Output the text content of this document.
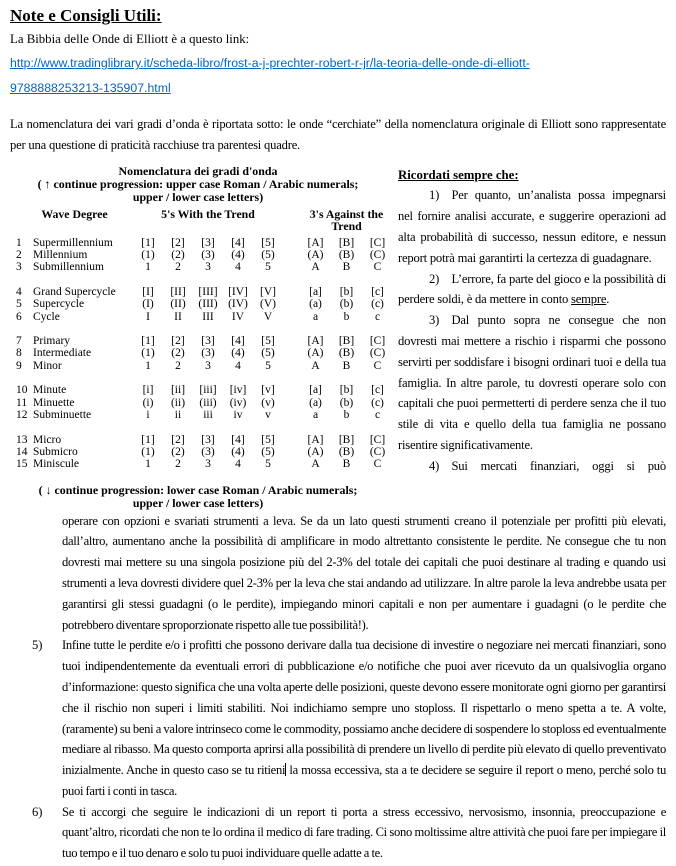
Note e Consigli Utili:

La Bibbia delle Onde di Elliott è a questo link:

http://www.tradinglibrary.it/scheda-libro/frost-a-j-prechter-robert-r-jr/la-teoria-delle-onde-di-elliott-
9788888253213-135907.html

La nomenclatura dei vari gradi d’onda è riportata sotto: le onde “cerchiate” della nomenclatura originale di Elliott sono rappresentate per una questione di praticità racchiuse tra parentesi quadre.

Nomenclatura dei gradi d'onda
( ↑ continue progression: upper case Roman / Arabic numerals;
upper / lower case letters)
Wave Degree		5's With the Trend						3's Against the Trend		
1	Supermillennium	[1]	[2]	[3]	[4]	[5]		[A]	[B]	[C]
2	Millennium	(1)	(2)	(3)	(4)	(5)		(A)	(B)	(C)
3	Submillennium	1	2	3	4	5		A	B	C
4	Grand Supercycle	[I]	[II]	[III]	[IV]	[V]		[a]	[b]	[c]
5	Supercycle	(I)	(II)	(III)	(IV)	(V)		(a)	(b)	(c)
6	Cycle	I	II	III	IV	V		a	b	c
7	Primary	[1]	[2]	[3]	[4]	[5]		[A]	[B]	[C]
8	Intermediate	(1)	(2)	(3)	(4)	(5)		(A)	(B)	(C)
9	Minor	1	2	3	4	5		A	B	C
10	Minute	[i]	[ii]	[iii]	[iv]	[v]		[a]	[b]	[c]
11	Minuette	(i)	(ii)	(iii)	(iv)	(v)		(a)	(b)	(c)
12	Subminuette	i	ii	iii	iv	v		a	b	c
13	Micro	[1]	[2]	[3]	[4]	[5]		[A]	[B]	[C]
14	Submicro	(1)	(2)	(3)	(4)	(5)		(A)	(B)	(C)
15	Miniscule	1	2	3	4	5		A	B	C
( ↓ continue progression: lower case Roman / Arabic numerals;
upper / lower case letters)

Ricordati sempre che:

1) Per quanto, un’analista possa impegnarsi nel fornire analisi accurate, e suggerire operazioni ad alta probabilità di successo, nessun editore, e nessun report potrà mai garantirti la certezza di guadagnare.

2) L’errore, fa parte del gioco e la possibilità di perdere soldi, è da mettere in conto sempre.

3) Dal punto sopra ne consegue che non dovresti mai mettere a rischio i risparmi che possono servirti per soddisfare i bisogni ordinari tuoi e della tua famiglia. In altre parole, tu dovresti operare solo con capitali che puoi permetterti di perdere senza che il tuo stile di vita e quello della tua famiglia ne possano risentire significativamente.

4) Sui mercati finanziari, oggi si può

operare con opzioni e svariati strumenti a leva. Se da un lato questi strumenti creano il potenziale per profitti più elevati, dall’altro, aumentano anche la possibilità di amplificare in modo altrettanto consistente le perdite. Ne consegue che tu non dovresti mai mettere su una singola posizione più del 2-3% del totale dei capitali che puoi destinare al trading e quando usi strumenti a leva dovresti dividere quel 2-3% per la leva che stai andando ad utilizzare. In altre parole la leva andrebbe usata per garantirsi gli stessi guadagni (o le perdite), impiegando minori capitali e non per aumentare i guadagni (o le perdite che potrebbero diventare sproporzionate rispetto alle tue possibilità!).

5) Infine tutte le perdite e/o i profitti che possono derivare dalla tua decisione di investire o negoziare nei mercati finanziari, sono tuoi indipendentemente da eventuali errori di pubblicazione e/o notifiche che puoi aver ricevuto da un qualsivoglia organo d’informazione: questo significa che una volta aperte delle posizioni, queste devono essere monitorate ogni giorno per garantirsi che il rischio non superi i limiti stabiliti. Noi indichiamo sempre uno stoploss. Il rispettarlo o meno spetta a te. A volte, (raramente) su beni a valore intrinseco come le commodity, possiamo anche decidere di sospendere lo stoploss ed eventualmente mediare al ribasso. Ma questo comporta aprirsi alla possibilità di prendere un livello di perdite più elevato di quello preventivato inizialmente. Anche in questo caso se tu ritieni la mossa eccessiva, sta a te decidere se seguire il report o meno, perché solo tu puoi farti i conti in tasca.

6) Se ti accorgi che seguire le indicazioni di un report ti porta a stress eccessivo, nervosismo, insonnia, preoccupazione e quant’altro, ricordati che non te lo ordina il medico di fare trading. Ci sono moltissime altre attività che puoi fare per impiegare il tuo tempo e il tuo denaro e solo tu puoi individuare quelle adatte a te.
